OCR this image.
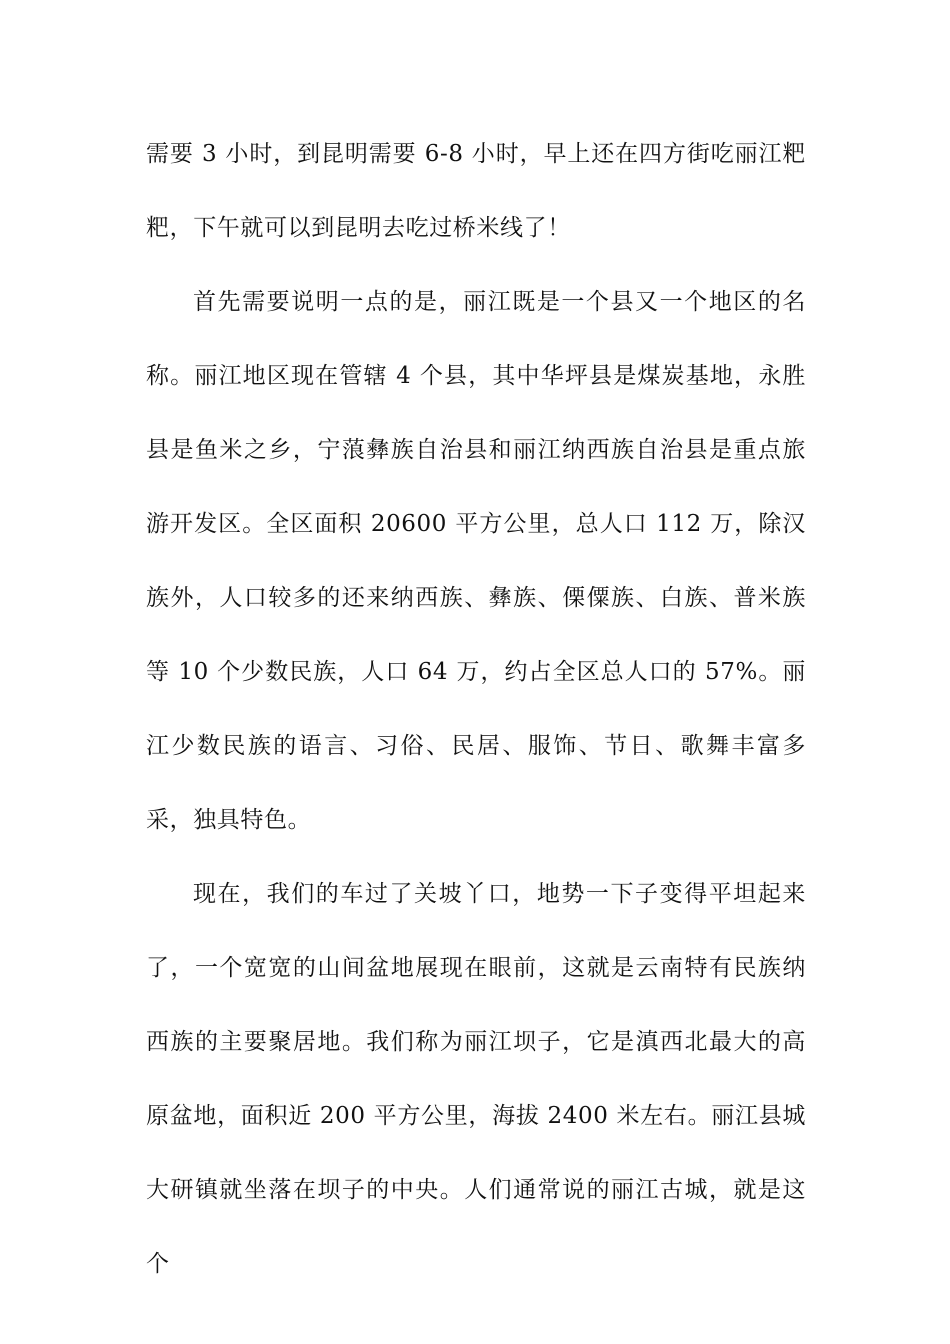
需要 3 小时，到昆明需要 6-8 小时，早上还在四方街吃丽江粑粑，下午就可以到昆明去吃过桥米线了！

首先需要说明一点的是，丽江既是一个县又一个地区的名称。丽江地区现在管辖 4 个县，其中华坪县是煤炭基地，永胜县是鱼米之乡，宁蒗彝族自治县和丽江纳西族自治县是重点旅游开发区。全区面积 20600 平方公里，总人口 112 万，除汉族外，人口较多的还来纳西族、彝族、傈僳族、白族、普米族等 10 个少数民族，人口 64 万，约占全区总人口的 57%。丽江少数民族的语言、习俗、民居、服饰、节日、歌舞丰富多采，独具特色。

现在，我们的车过了关坡丫口，地势一下子变得平坦起来了，一个宽宽的山间盆地展现在眼前，这就是云南特有民族纳西族的主要聚居地。我们称为丽江坝子，它是滇西北最大的高原盆地，面积近 200 平方公里，海拔 2400 米左右。丽江县城大研镇就坐落在坝子的中央。人们通常说的丽江古城，就是这个
